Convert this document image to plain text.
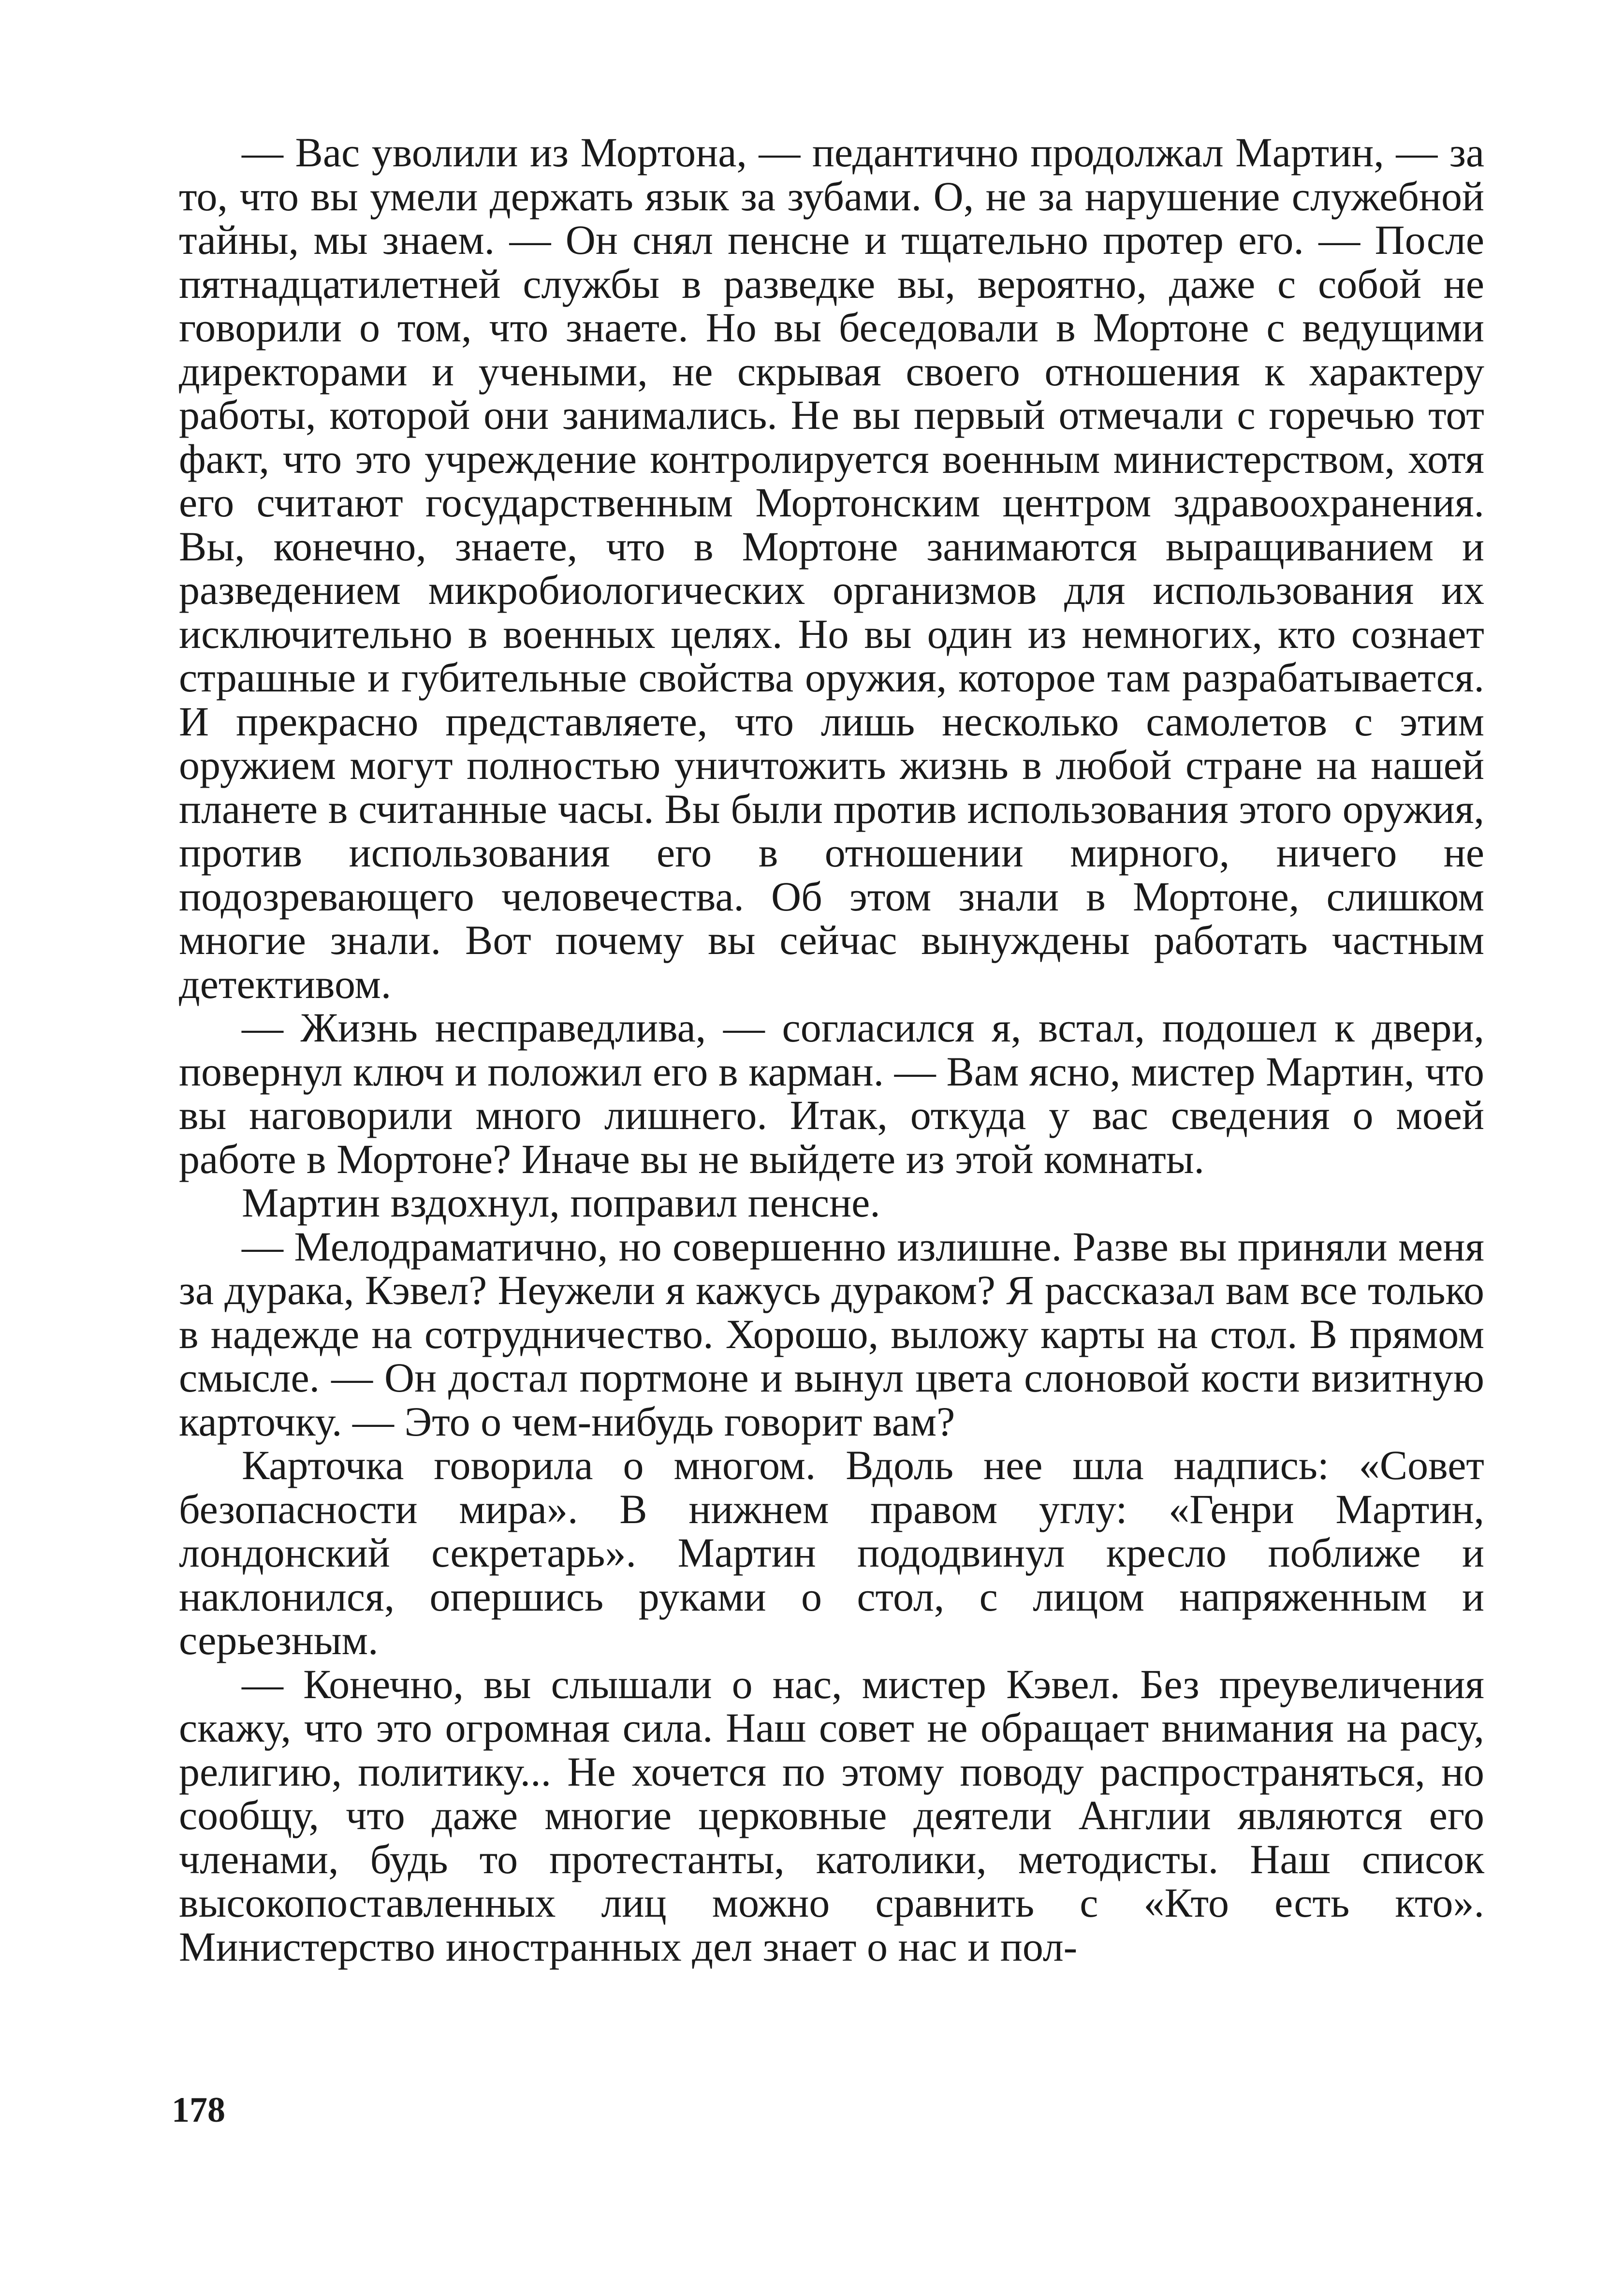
— Вас уволили из Мортона, — педантично продолжал Мартин, — за то, что вы умели держать язык за зубами. О, не за нарушение служебной тайны, мы знаем. — Он снял пенсне и тщательно протер его. — После пятнадцатилетней службы в разведке вы, вероятно, даже с собой не говорили о том, что знаете. Но вы беседовали в Мортоне с ведущими директорами и учеными, не скрывая своего отношения к характеру работы, которой они занимались. Не вы первый отмечали с горечью тот факт, что это учреждение контролируется военным министерством, хотя его считают государственным Мортонским центром здравоохранения. Вы, конечно, знаете, что в Мортоне занимаются выращиванием и разведением микробиологических организмов для использования их исключительно в военных целях. Но вы один из немногих, кто сознает страшные и губительные свойства оружия, которое там разрабатывается. И прекрасно представляете, что лишь несколько самолетов с этим оружием могут полностью уничтожить жизнь в любой стране на нашей планете в считанные часы. Вы были против использования этого оружия, против использования его в отношении мирного, ничего не подозревающего человечества. Об этом знали в Мортоне, слишком многие знали. Вот почему вы сейчас вынуждены работать частным детективом.

— Жизнь несправедлива, — согласился я, встал, подошел к двери, повернул ключ и положил его в карман. — Вам ясно, мистер Мартин, что вы наговорили много лишнего. Итак, откуда у вас сведения о моей работе в Мортоне? Иначе вы не выйдете из этой комнаты.

Мартин вздохнул, поправил пенсне.

— Мелодраматично, но совершенно излишне. Разве вы приняли меня за дурака, Кэвел? Неужели я кажусь дураком? Я рассказал вам все только в надежде на сотрудничество. Хорошо, выложу карты на стол. В прямом смысле. — Он достал портмоне и вынул цвета слоновой кости визитную карточку. — Это о чем-нибудь говорит вам?

Карточка говорила о многом. Вдоль нее шла надпись: «Совет безопасности мира». В нижнем правом углу: «Генри Мартин, лондонский секретарь». Мартин пододвинул кресло поближе и наклонился, опершись руками о стол, с лицом напряженным и серьезным.

— Конечно, вы слышали о нас, мистер Кэвел. Без преувеличения скажу, что это огромная сила. Наш совет не обращает внимания на расу, религию, политику... Не хочется по этому поводу распространяться, но сообщу, что даже многие церковные деятели Англии являются его членами, будь то протестанты, католики, методисты. Наш список высокопоставленных лиц можно сравнить с «Кто есть кто». Министерство иностранных дел знает о нас и пол-

178
